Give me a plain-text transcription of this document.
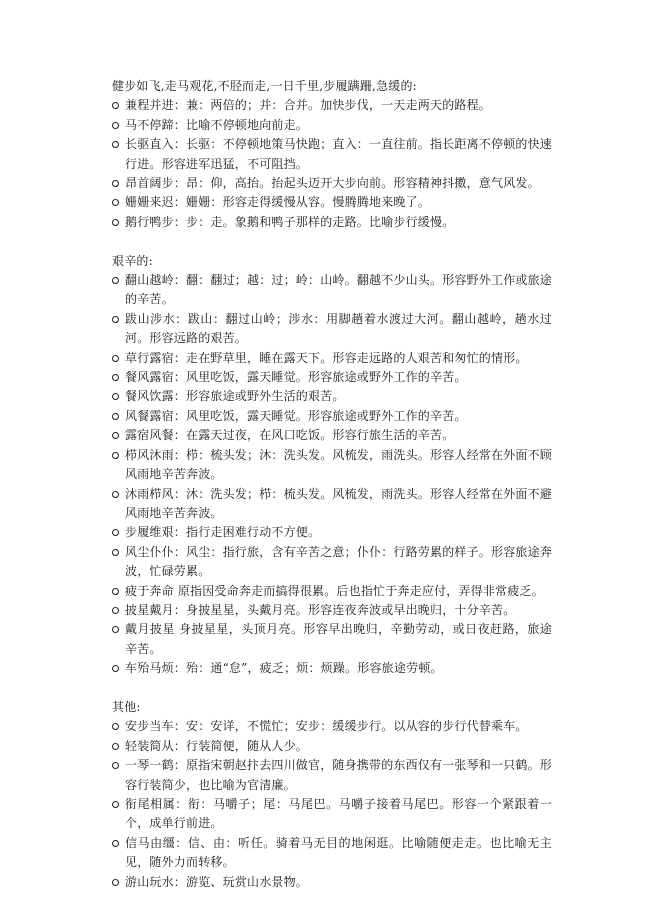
健步如飞,走马观花,不胫而走,一日千里,步履蹒跚,急缓的:

兼程并进：兼：两倍的；并：合并。加快步伐，一天走两天的路程。
马不停蹄：比喻不停顿地向前走。
长驱直入：长驱：不停顿地策马快跑；直入：一直往前。指长距离不停顿的快速行进。形容进军迅猛，不可阻挡。
昂首阔步：昂：仰，高抬。抬起头迈开大步向前。形容精神抖擞，意气风发。
姗姗来迟：姗姗：形容走得缓慢从容。慢腾腾地来晚了。
鹅行鸭步：步：走。象鹅和鸭子那样的走路。比喻步行缓慢。

艰辛的:

翻山越岭：翻：翻过；越：过；岭：山岭。翻越不少山头。形容野外工作或旅途的辛苦。
跋山涉水：跋山：翻过山岭；涉水：用脚趟着水渡过大河。翻山越岭，趟水过河。形容远路的艰苦。
草行露宿：走在野草里，睡在露天下。形容走远路的人艰苦和匆忙的情形。
餐风露宿：风里吃饭，露天睡觉。形容旅途或野外工作的辛苦。
餐风饮露：形容旅途或野外生活的艰苦。
风餐露宿：风里吃饭，露天睡觉。形容旅途或野外工作的辛苦。
露宿风餐：在露天过夜，在风口吃饭。形容行旅生活的辛苦。
栉风沐雨：栉：梳头发；沐：洗头发。风梳发，雨洗头。形容人经常在外面不顾风雨地辛苦奔波。
沐雨栉风：沐：洗头发；栉：梳头发。风梳发，雨洗头。形容人经常在外面不避风雨地辛苦奔波。
步履维艰：指行走困难行动不方便。
风尘仆仆：风尘：指行旅，含有辛苦之意；仆仆：行路劳累的样子。形容旅途奔波，忙碌劳累。
疲于奔命 原指因受命奔走而搞得很累。后也指忙于奔走应付，弄得非常疲乏。
披星戴月：身披星星，头戴月亮。形容连夜奔波或早出晚归，十分辛苦。
戴月披星 身披星星，头顶月亮。形容早出晚归，辛勤劳动，或日夜赶路，旅途辛苦。
车殆马烦：殆：通“怠”，疲乏；烦：烦躁。形容旅途劳顿。

其他:

安步当车：安：安详，不慌忙；安步：缓缓步行。以从容的步行代替乘车。
轻装简从：行装简便，随从人少。
一琴一鹤：原指宋朝赵抃去四川做官，随身携带的东西仅有一张琴和一只鹤。形容行装简少，也比喻为官清廉。
衔尾相属：衔：马嚼子；尾：马尾巴。马嚼子接着马尾巴。形容一个紧跟着一个，成单行前进。
信马由缰：信、由：听任。骑着马无目的地闲逛。比喻随便走走。也比喻无主见，随外力而转移。
游山玩水：游览、玩赏山水景物。
